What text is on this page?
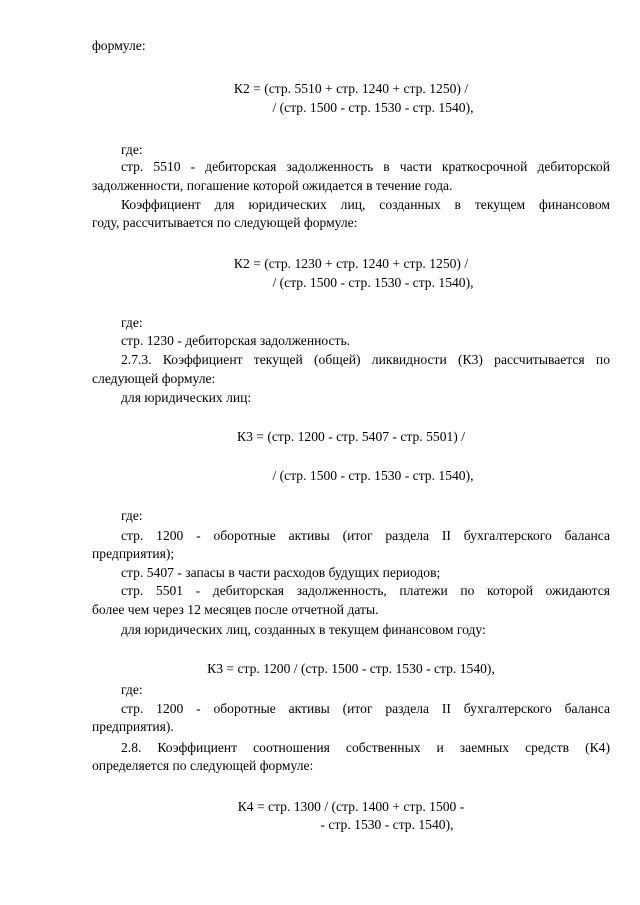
формуле:

К2 = (стр. 5510 + стр. 1240 + стр. 1250) /

/ (стр. 1500 - стр. 1530 - стр. 1540),

где:

стр. 5510 - дебиторская задолженность в части краткосрочной дебиторской

задолженности, погашение которой ожидается в течение года.

Коэффициент для юридических лиц, созданных в текущем финансовом

году, рассчитывается по следующей формуле:

К2 = (стр. 1230 + стр. 1240 + стр. 1250) /

/ (стр. 1500 - стр. 1530 - стр. 1540),

где:

стр. 1230 - дебиторская задолженность.

2.7.3. Коэффициент текущей (общей) ликвидности (К3) рассчитывается по

следующей формуле:

для юридических лиц:

К3 = (стр. 1200 - стр. 5407 - стр. 5501) /

/ (стр. 1500 - стр. 1530 - стр. 1540),

где:

стр. 1200 - оборотные активы (итог раздела II бухгалтерского баланса

предприятия);

стр. 5407 - запасы в части расходов будущих периодов;

стр. 5501 - дебиторская задолженность, платежи по которой ожидаются

более чем через 12 месяцев после отчетной даты.

для юридических лиц, созданных в текущем финансовом году:

К3 = стр. 1200 / (стр. 1500 - стр. 1530 - стр. 1540),

где:

стр. 1200 - оборотные активы (итог раздела II бухгалтерского баланса

предприятия).

2.8. Коэффициент соотношения собственных и заемных средств (К4)

определяется по следующей формуле:

К4 = стр. 1300 / (стр. 1400 + стр. 1500 -

- стр. 1530 - стр. 1540),
